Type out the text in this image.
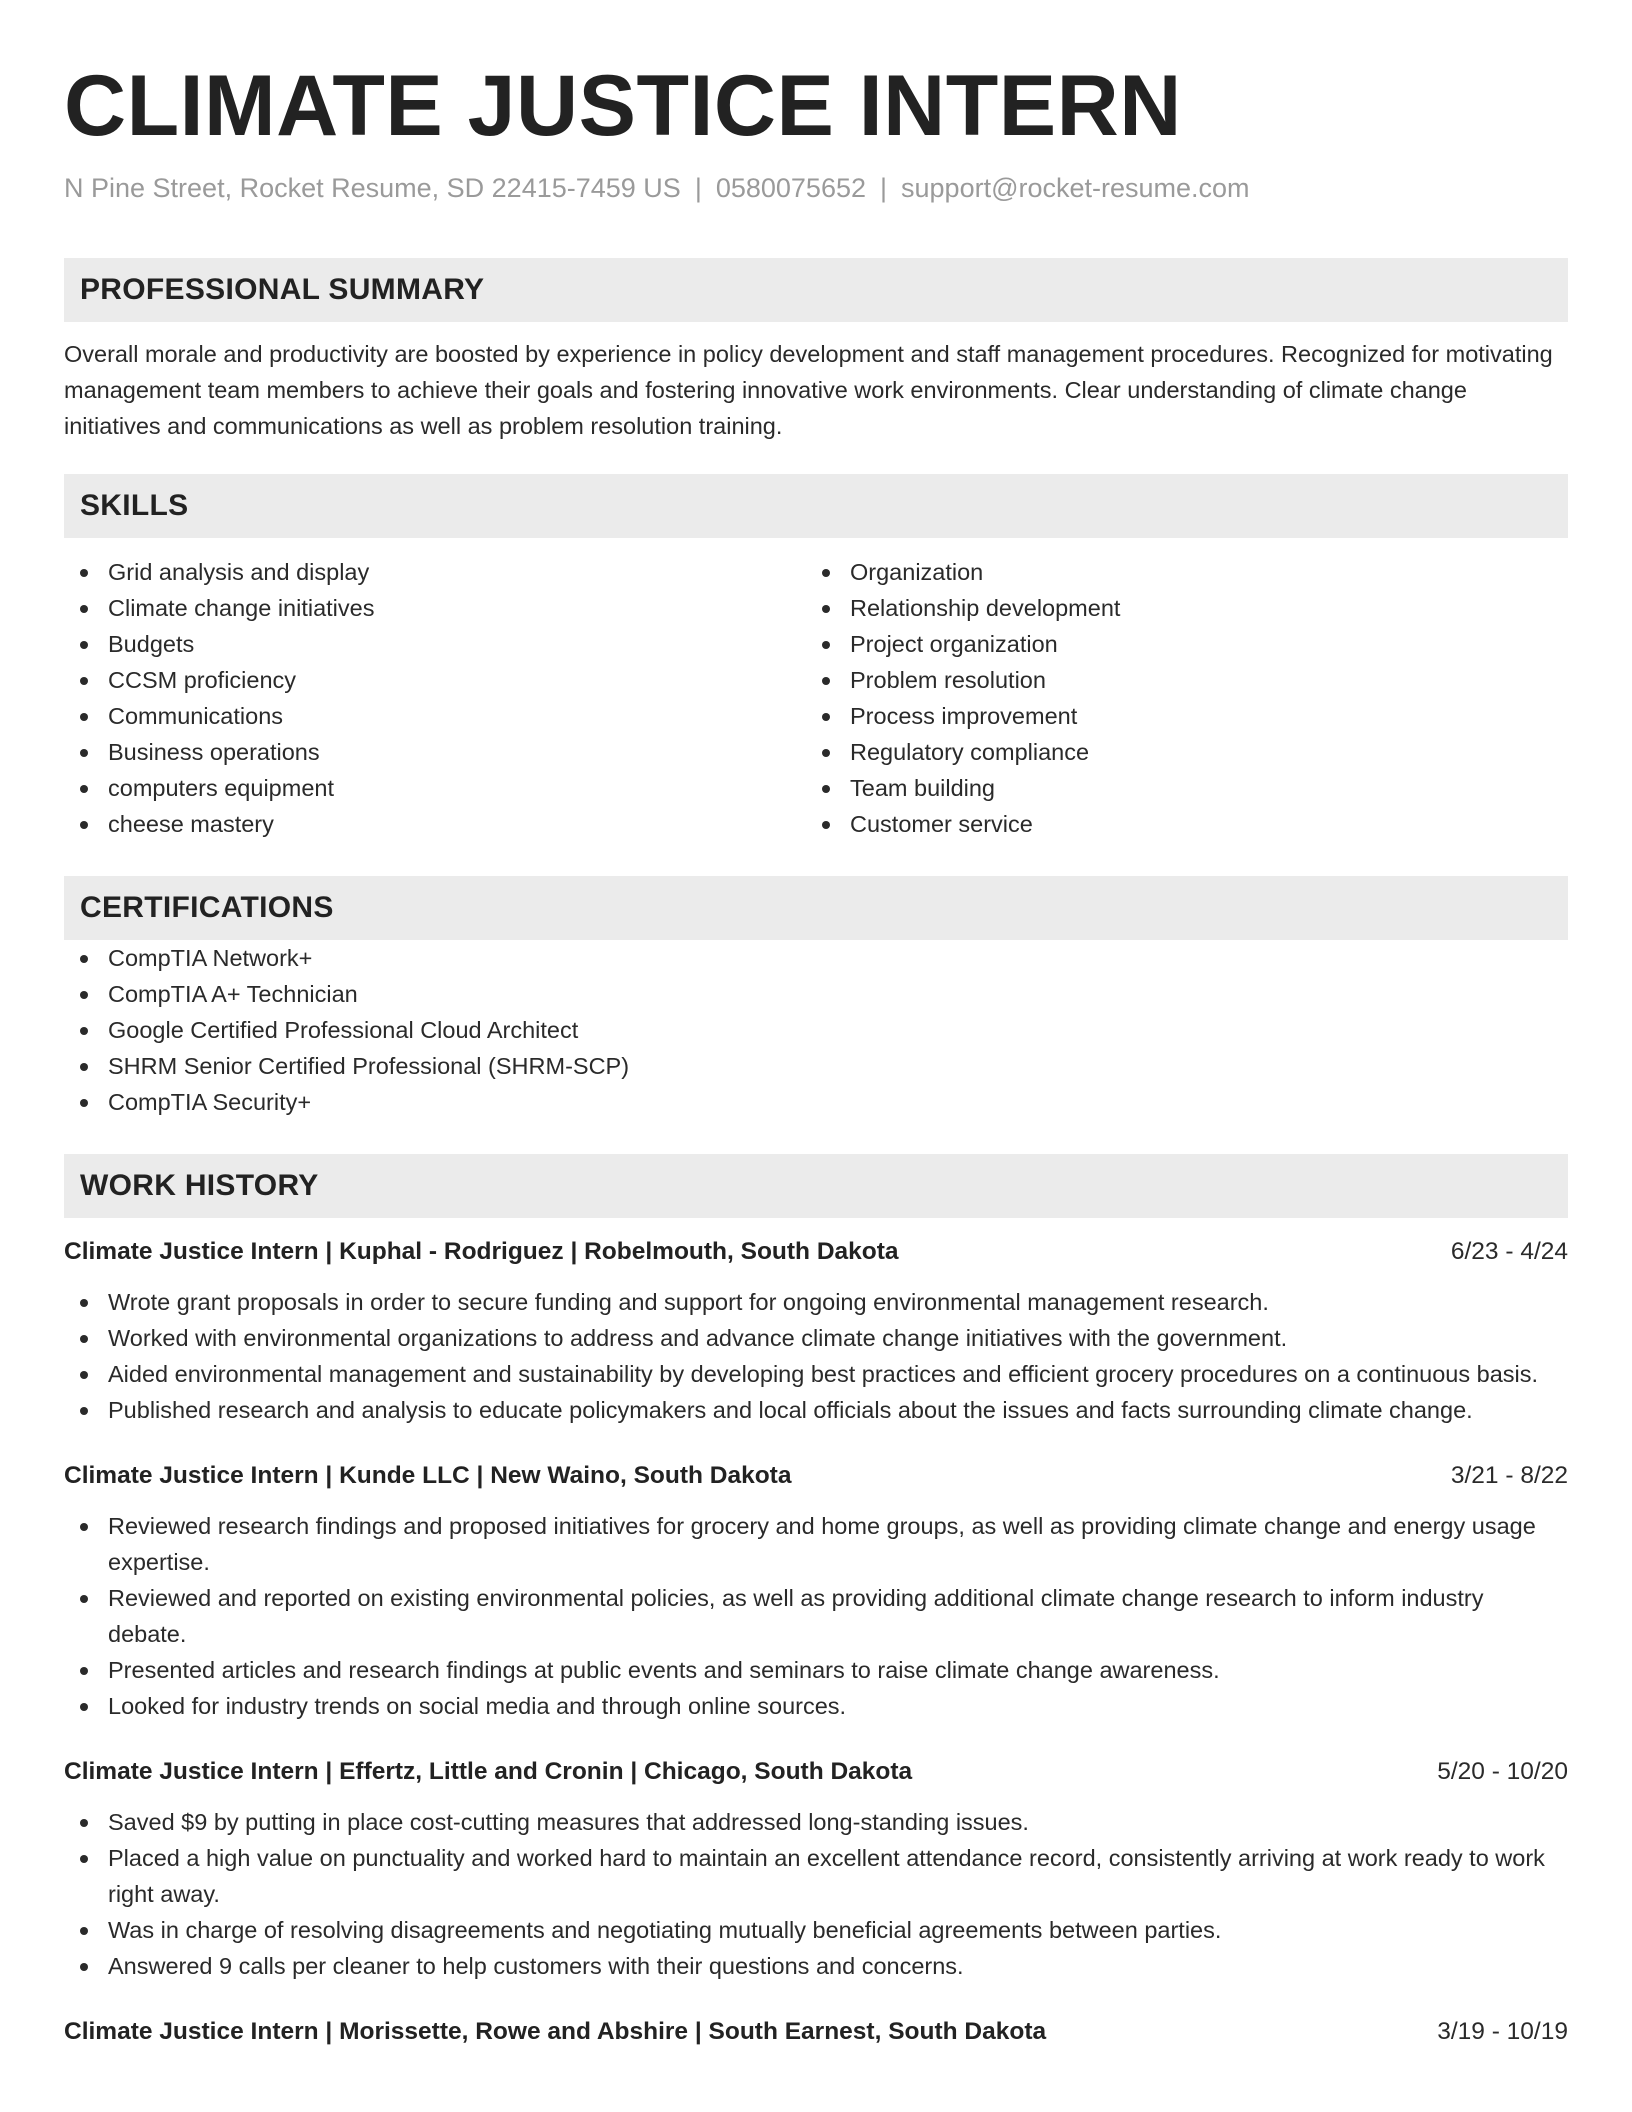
CLIMATE JUSTICE INTERN
N Pine Street, Rocket Resume, SD 22415-7459 US | 0580075652 | support@rocket-resume.com
PROFESSIONAL SUMMARY
Overall morale and productivity are boosted by experience in policy development and staff management procedures. Recognized for motivating management team members to achieve their goals and fostering innovative work environments. Clear understanding of climate change initiatives and communications as well as problem resolution training.
SKILLS
Grid analysis and display
Climate change initiatives
Budgets
CCSM proficiency
Communications
Business operations
computers equipment
cheese mastery
Organization
Relationship development
Project organization
Problem resolution
Process improvement
Regulatory compliance
Team building
Customer service
CERTIFICATIONS
CompTIA Network+
CompTIA A+ Technician
Google Certified Professional Cloud Architect
SHRM Senior Certified Professional (SHRM-SCP)
CompTIA Security+
WORK HISTORY
Climate Justice Intern | Kuphal - Rodriguez | Robelmouth, South Dakota	6/23 - 4/24
Wrote grant proposals in order to secure funding and support for ongoing environmental management research.
Worked with environmental organizations to address and advance climate change initiatives with the government.
Aided environmental management and sustainability by developing best practices and efficient grocery procedures on a continuous basis.
Published research and analysis to educate policymakers and local officials about the issues and facts surrounding climate change.
Climate Justice Intern | Kunde LLC | New Waino, South Dakota	3/21 - 8/22
Reviewed research findings and proposed initiatives for grocery and home groups, as well as providing climate change and energy usage expertise.
Reviewed and reported on existing environmental policies, as well as providing additional climate change research to inform industry debate.
Presented articles and research findings at public events and seminars to raise climate change awareness.
Looked for industry trends on social media and through online sources.
Climate Justice Intern | Effertz, Little and Cronin | Chicago, South Dakota	5/20 - 10/20
Saved $9 by putting in place cost-cutting measures that addressed long-standing issues.
Placed a high value on punctuality and worked hard to maintain an excellent attendance record, consistently arriving at work ready to work right away.
Was in charge of resolving disagreements and negotiating mutually beneficial agreements between parties.
Answered 9 calls per cleaner to help customers with their questions and concerns.
Climate Justice Intern | Morissette, Rowe and Abshire | South Earnest, South Dakota	3/19 - 10/19
